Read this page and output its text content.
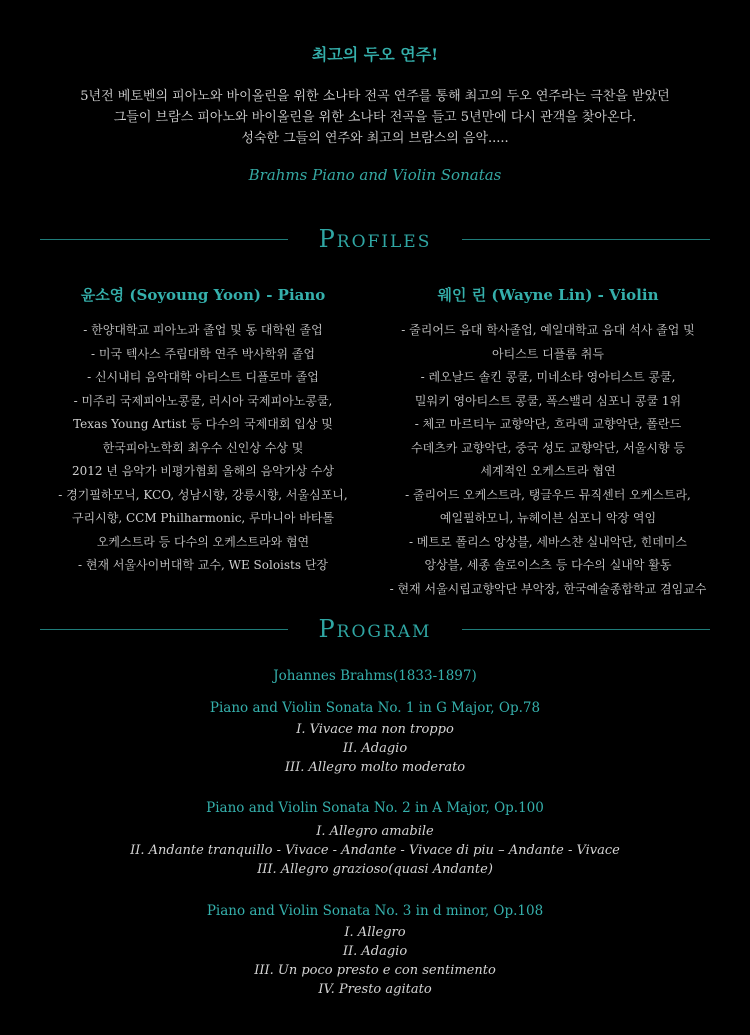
최고의 두오 연주!
5년전 베토벤의 피아노와 바이올린을 위한 소나타 전곡 연주를 통해 최고의 두오 연주라는 극찬을 받았던
그들이 브람스 피아노와 바이올린을 위한 소나타 전곡을 들고 5년만에 다시 관객을 찾아온다.
성숙한 그들의 연주와 최고의 브람스의 음악.....
Brahms Piano and Violin Sonatas
Profiles
윤소영 (Soyoung Yoon) - Piano
- 한양대학교 피아노과 졸업 및 동 대학원 졸업
- 미국 텍사스 주립대학 연주 박사학위 졸업
- 신시내티 음악대학 아티스트 디플로마 졸업
- 미주리 국제피아노콩쿨, 러시아 국제피아노콩쿨,
Texas Young Artist 등 다수의 국제대회 입상 및
한국피아노학회 최우수 신인상 수상 및
2012 년 음악가 비평가협회 올해의 음악가상 수상
- 경기필하모닉, KCO, 성남시향, 강릉시향, 서울심포니,
구리시향, CCM Philharmonic, 루마니아 바타톨
오케스트라 등 다수의 오케스트라와 협연
- 현재 서울사이버대학 교수, WE Soloists 단장
웨인 린 (Wayne Lin) - Violin
- 줄리어드 음대 학사졸업, 예일대학교 음대 석사 졸업 및
아티스트 디플롬 취득
- 레오날드 솔킨 콩쿨, 미네소타 영아티스트 콩쿨,
밀워키 영아티스트 콩쿨, 폭스밸리 심포니 콩쿨 1위
- 체코 마르티누 교향악단, 흐라덱 교향악단, 폴란드
수데츠카 교향악단, 중국 성도 교향악단, 서울시향 등
세계적인 오케스트라 협연
- 줄리어드 오케스트라, 탱글우드 뮤직센터 오케스트라,
예일필하모니, 뉴헤이븐 심포니 악장 역임
- 메트로 폴리스 앙상블, 세바스챤 실내악단, 힌데미스
앙상블, 세종 솔로이스츠 등 다수의 실내악 활동
- 현재 서울시립교향악단 부악장, 한국예술종합학교 겸임교수
Program
Johannes Brahms(1833-1897)
Piano and Violin Sonata No. 1 in G Major, Op.78
I. Vivace ma non troppo
II. Adagio
III. Allegro molto moderato
Piano and Violin Sonata No. 2 in A Major, Op.100
I. Allegro amabile
II. Andante tranquillo - Vivace - Andante - Vivace di piu – Andante - Vivace
III. Allegro grazioso(quasi Andante)
Piano and Violin Sonata No. 3 in d minor, Op.108
I. Allegro
II. Adagio
III. Un poco presto e con sentimento
IV. Presto agitato
